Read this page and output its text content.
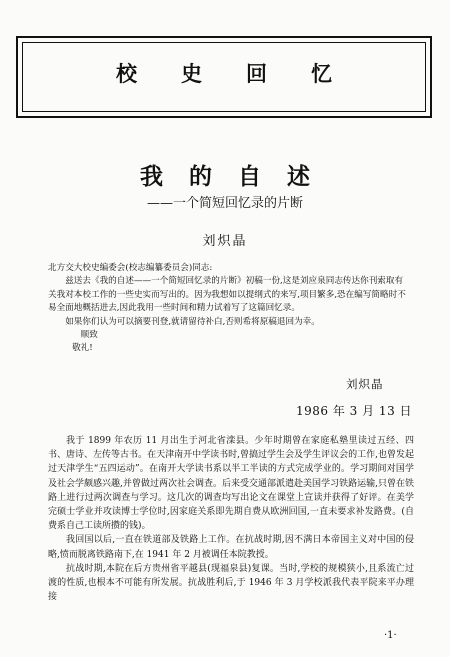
校史回忆
我的自述
——一个简短回忆录的片断
刘炽晶

北方交大校史编委会(校志编纂委员会)同志:

兹送去《我的自述——一个简短回忆录的片断》初稿一份,这是刘应泉同志传达你刊索取有关我对本校工作的一些史实而写出的。因为我想如以提纲式的来写,项目繁多,恐在编写简略时不易全面地概括进去,因此我用一些时间和精力试着写了这篇回忆录。

如果你们认为可以摘要刊登,就请留待补白,否则希将原稿退回为幸。

顺致

敬礼!

刘炽晶
1986 年 3 月 13 日

我于 1899 年农历 11 月出生于河北省滦县。少年时期曾在家庭私塾里读过五经、四书、唐诗、左传等古书。在天津南开中学读书时,曾搞过学生会及学生评议会的工作,也曾发起过天津学生“五四运动”。在南开大学读书系以半工半读的方式完成学业的。学习期间对国学及社会学颇感兴趣,并曾做过两次社会调查。后来受交通部派遣赴美国学习铁路运输,只曾在铁路上进行过两次调查与学习。这几次的调查均写出论文在课堂上宣读并获得了好评。在美学完硕士学业并攻读博士学位时,因家庭关系即先期自费从欧洲回国,一直未要求补发路费。(自费系自己工读所攒的钱)。

我回国以后,一直在铁道部及铁路上工作。在抗战时期,因不满日本帝国主义对中国的侵略,愤而脱离铁路南下,在 1941 年 2 月被调任本院教授。

抗战时期,本院在后方贵州省平越县(现福泉县)复课。当时,学校的规模狭小,且系流亡过渡的性质,也根本不可能有所发展。抗战胜利后,于 1946 年 3 月学校派我代表平院来平办理接

·1·
